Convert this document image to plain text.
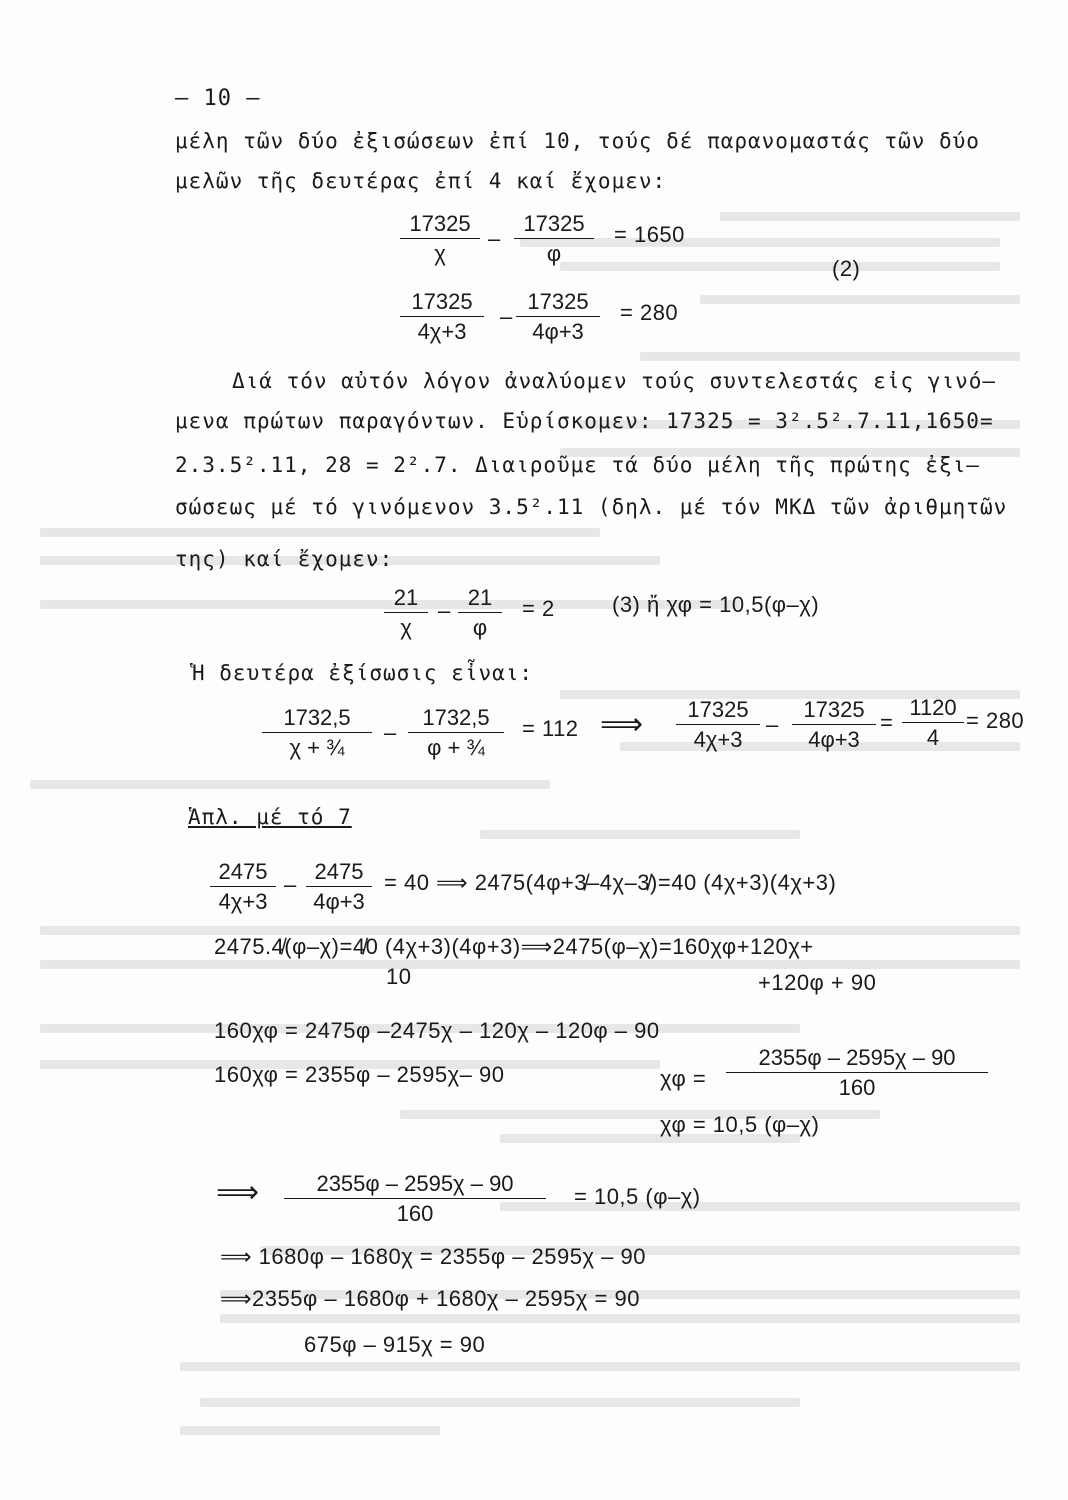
– 10 –
μέλη τῶν δύο ἐξισώσεων ἐπί 10, τούς δέ παρανομαστάς τῶν δύο
μελῶν τῆς δευτέρας ἐπί 4 καί ἔχομεν:
$\frac{17325}{\chi} - \frac{17325}{\varphi} = 1650$
(2)
$\frac{17325}{4\chi+3} - \frac{17325}{4\varphi+3} = 280$
Διά τόν αὐτόν λόγον ἀναλύομεν τούς συντελεστάς εἰς γινό–
μενα πρώτων παραγόντων. Εὑρίσκομεν: 17325 = 3².5².7.11,1650=
2.3.5².11, 28 = 2².7. Διαιροῦμε τά δύο μέλη τῆς πρώτης ἐξι–
σώσεως μέ τό γινόμενον 3.5².11 (δηλ. μέ τόν ΜΚΔ τῶν ἀριθμητῶν
της) καί ἔχομεν:
$\frac{21}{\chi} - \frac{21}{\varphi} = 2$	(3) ἤ χφ = 10,5(φ–χ)
Ἡ δευτέρα ἐξίσωσις εἶναι:
$\frac{1732,5}{\text{χ + ¾}} - \frac{1732,5}{\text{φ + ¾}} = 112$ ⟹ $\frac{17325}{4\chi+3} - \frac{17325}{4\varphi+3} = \frac{1120}{4} = 280$
Ἁπλ. μέ τό 7
$\frac{2475}{4\chi+3} - \frac{2475}{4\varphi+3} = 40$ ⟹ 2475(4φ+3̸–4χ–3̸)=40 (4χ+3)(4χ+3)
2475.4̸(φ–χ)=4̸0 (4χ+3)(4φ+3)⟹2475(φ–χ)=160χφ+120χ+
10	+120φ + 90
160χφ = 2475φ –2475χ – 120χ – 120φ – 90
160χφ = 2355φ – 2595χ– 90	$\chi\varphi = \frac{2355\varphi - 2595\chi - 90}{160}$
χφ = 10,5 (φ–χ)
⟹ $\frac{2355\varphi - 2595\chi - 90}{160} = 10,5$ (φ–χ)
⟹ 1680φ – 1680χ = 2355φ – 2595χ – 90
⟹2355φ – 1680φ + 1680χ – 2595χ = 90
675φ – 915χ = 90
